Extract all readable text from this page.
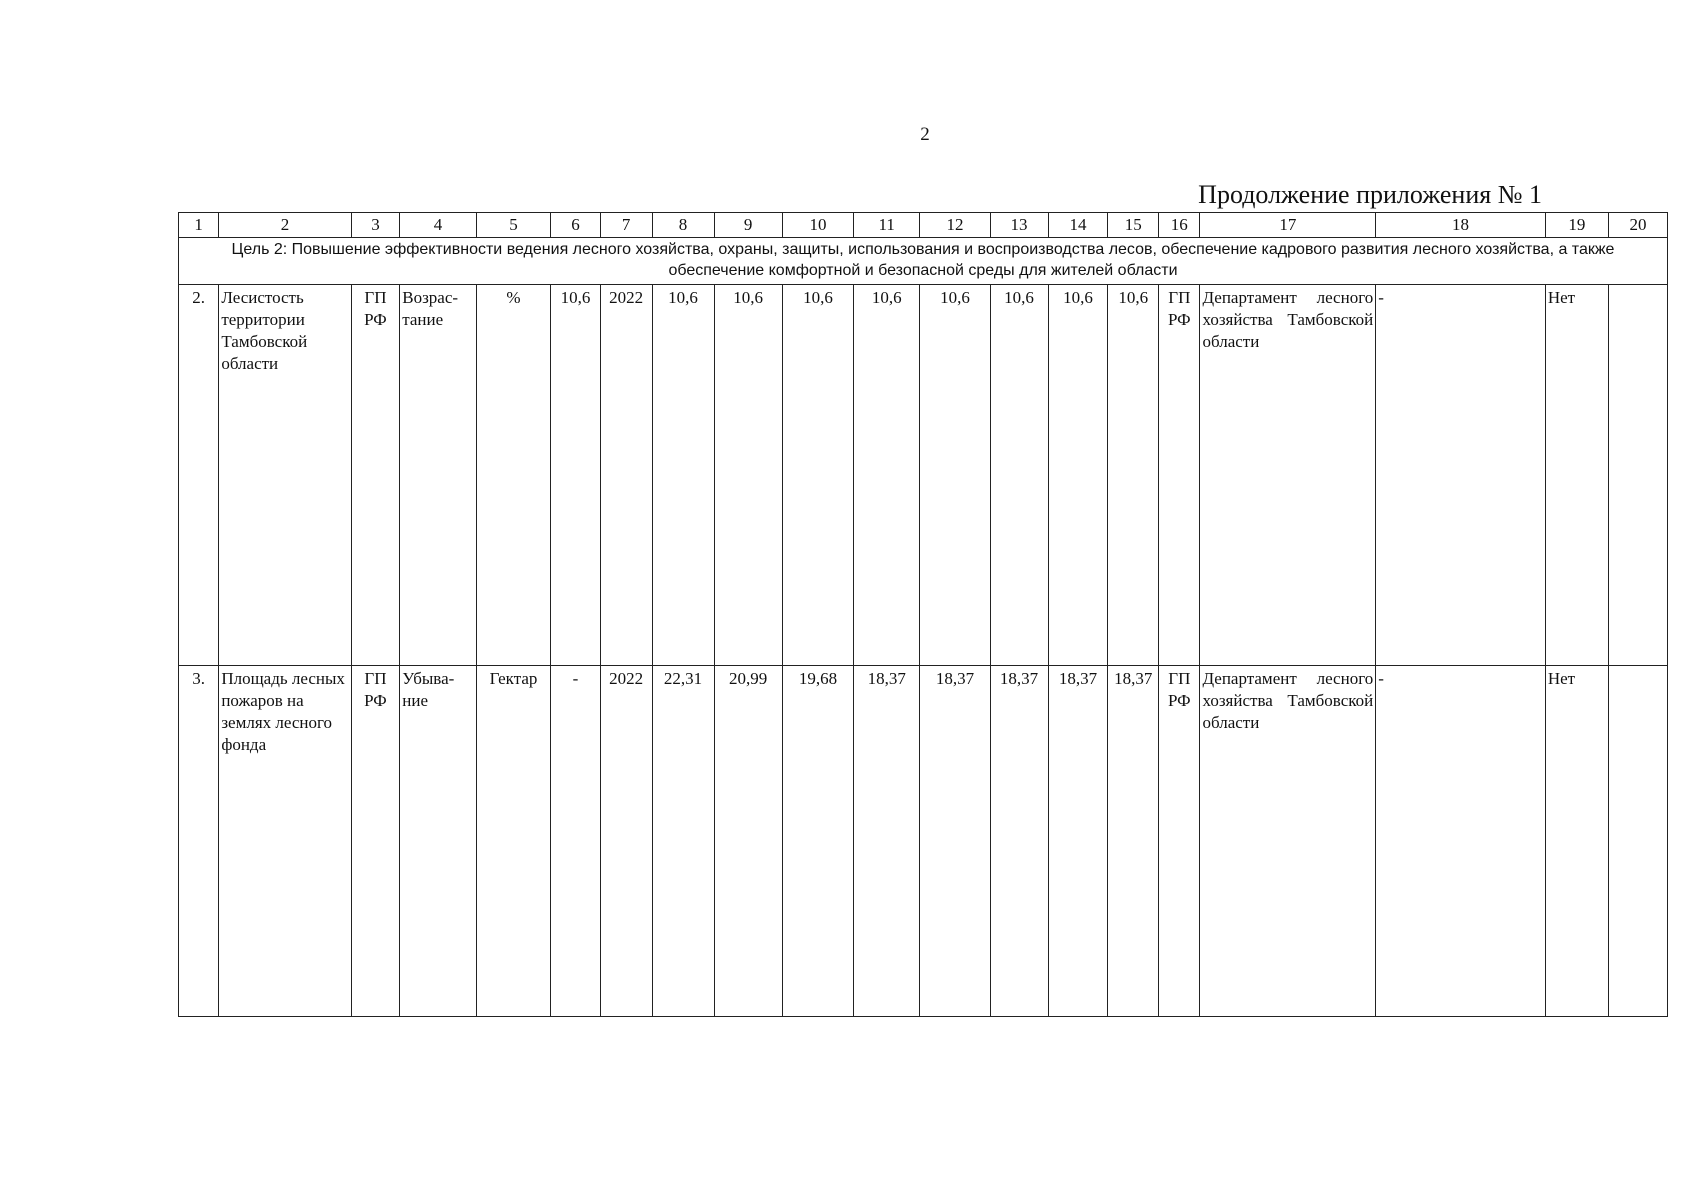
2
Продолжение приложения № 1
1	2	3	4	5	6	7	8	9	10	11	12	13	14	15	16	17	18	19	20
Цель 2: Повышение эффективности ведения лесного хозяйства, охраны, защиты, использования и воспроизводства лесов, обеспечение кадрового развития лесного хозяйства, а также обеспечение комфортной и безопасной среды для жителей области																			
2.	Лесистость территории Тамбовской области	ГП РФ	Возрас-тание	%	10,6	2022	10,6	10,6	10,6	10,6	10,6	10,6	10,6	10,6	ГП РФ	Департамент лесного хозяйства Тамбовской области	-	Нет	
3.	Площадь лесных пожаров на землях лесного фонда	ГП РФ	Убыва-ние	Гектар	-	2022	22,31	20,99	19,68	18,37	18,37	18,37	18,37	18,37	ГП РФ	Департамент лесного хозяйства Тамбовской области	-	Нет	
